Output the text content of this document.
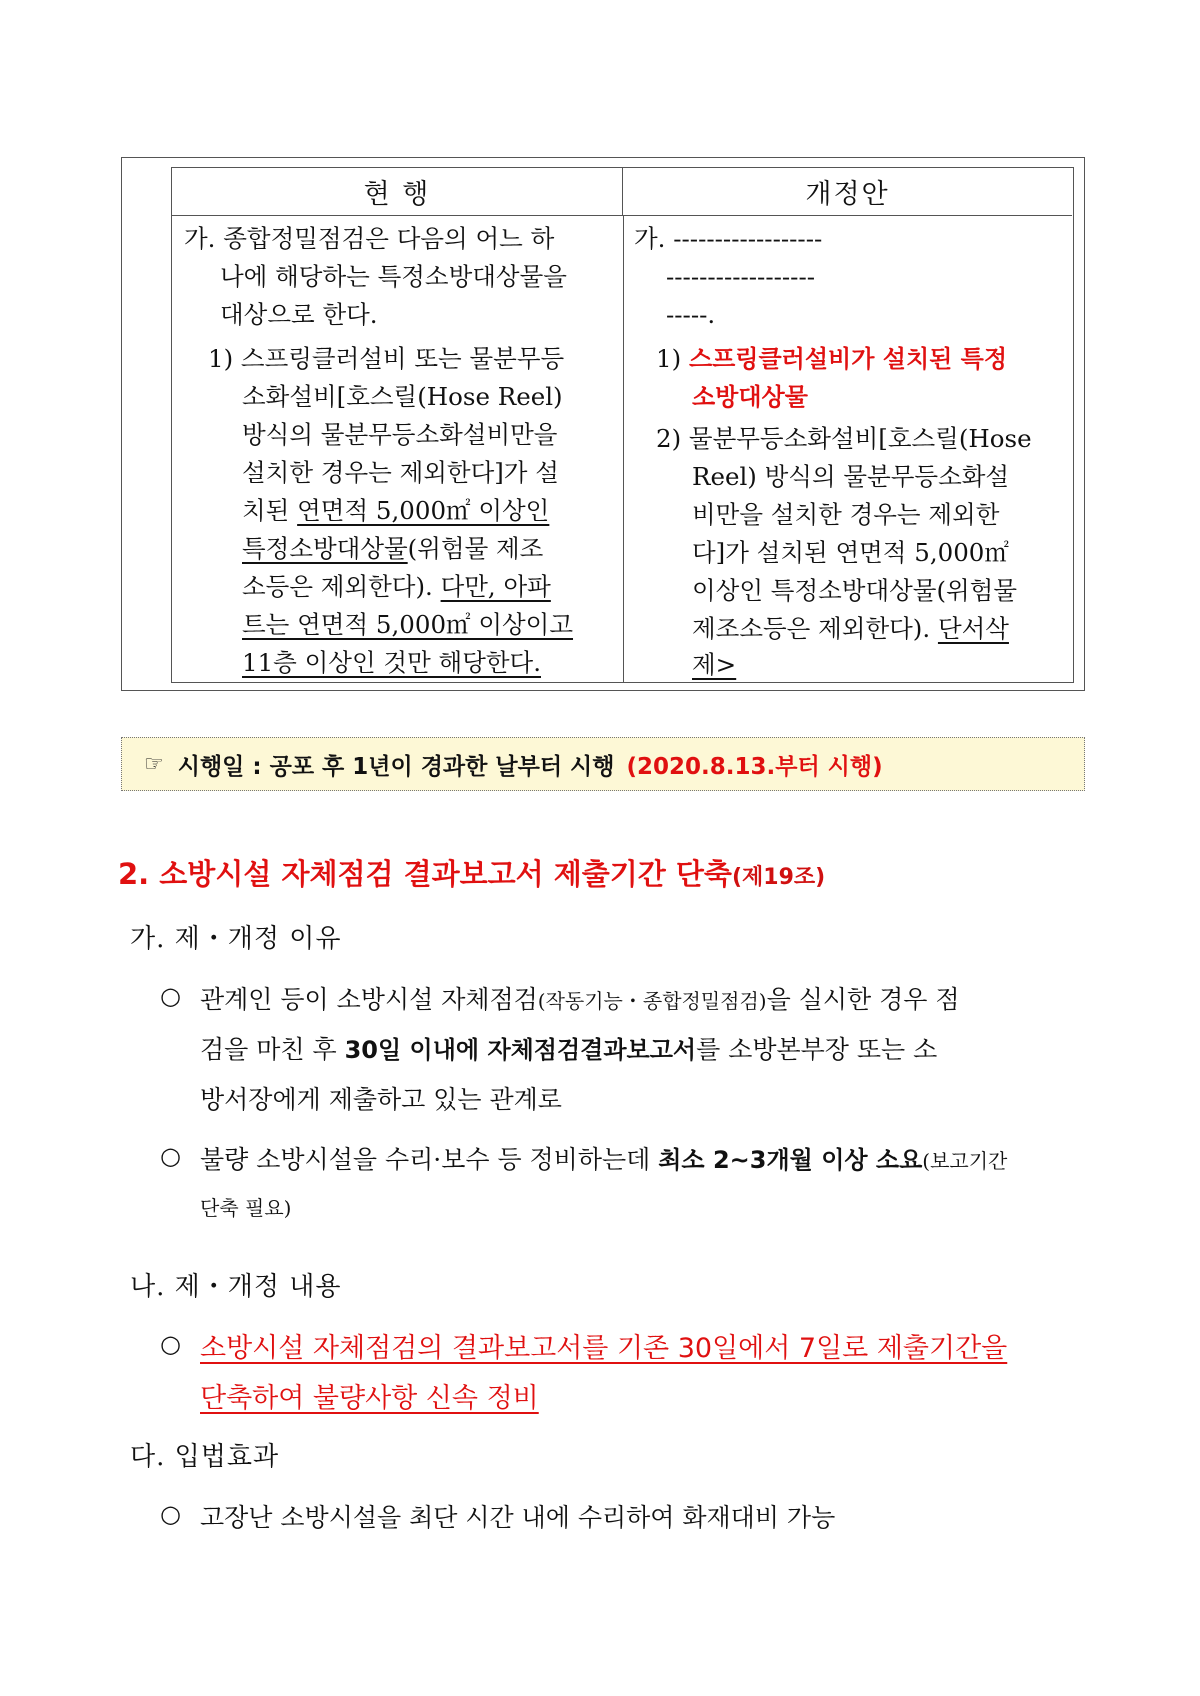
현 행	개정안
가. 종합정밀점검은 다음의 어느 하
나에 해당하는 특정소방대상물을
대상으로 한다.
1) 스프링클러설비 또는 물분무등
소화설비[호스릴(Hose Reel)
방식의 물분무등소화설비만을
설치한 경우는 제외한다]가 설
치된 연면적 5,000㎡ 이상인
특정소방대상물(위험물 제조
소등은 제외한다). 다만, 아파
트는 연면적 5,000㎡ 이상이고
11층 이상인 것만 해당한다.
가. ------------------
------------------
-----.
1) 스프링클러설비가 설치된 특정
소방대상물
2) 물분무등소화설비[호스릴(Hose
Reel) 방식의 물분무등소화설
비만을 설치한 경우는 제외한
다]가 설치된 연면적 5,000㎡
이상인 특정소방대상물(위험물
제조소등은 제외한다). 단서삭
제>
☞ 시행일 : 공포 후 1년이 경과한 날부터 시행 (2020.8.13.부터 시행)
2. 소방시설 자체점검 결과보고서 제출기간 단축(제19조)
가. 제・개정 이유
○ 관계인 등이 소방시설 자체점검(작동기능・종합정밀점검)을 실시한 경우 점
검을 마친 후 30일 이내에 자체점검결과보고서를 소방본부장 또는 소
방서장에게 제출하고 있는 관계로
○ 불량 소방시설을 수리·보수 등 정비하는데 최소 2~3개월 이상 소요(보고기간
단축 필요)
나. 제・개정 내용
○ 소방시설 자체점검의 결과보고서를 기존 30일에서 7일로 제출기간을
단축하여 불량사항 신속 정비
다. 입법효과
○ 고장난 소방시설을 최단 시간 내에 수리하여 화재대비 가능
